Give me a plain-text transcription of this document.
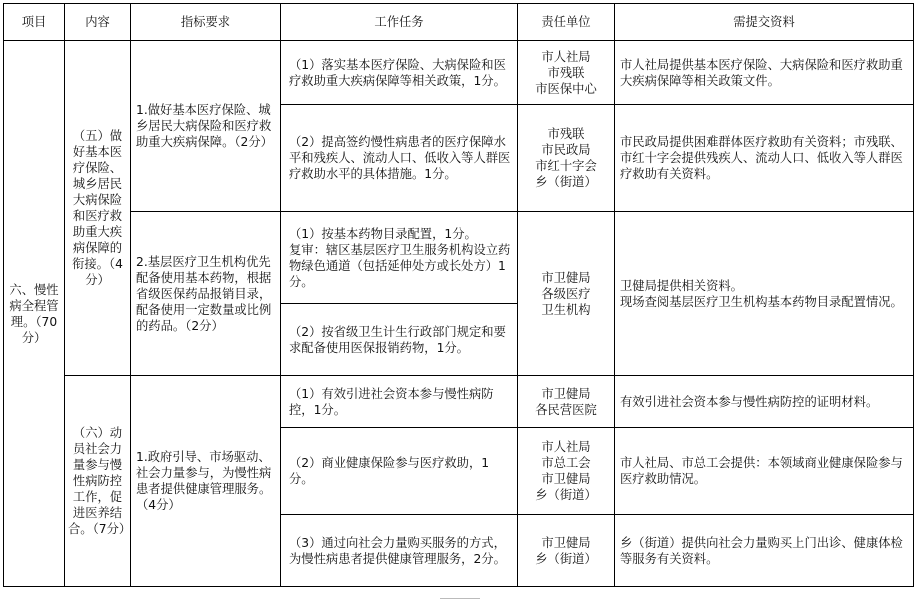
项目	内容	指标要求	工作任务	责任单位	需提交资料
六、慢性病全程管理。（70分）	（五）做好基本医疗保险、城乡居民大病保险和医疗救助重大疾病保障的衔接。（4分）	1.做好基本医疗保险、城乡居民大病保险和医疗救助重大疾病保障。（2分）	（1）落实基本医疗保险、大病保险和医疗救助重大疾病保障等相关政策，1分。	市人社局
市残联
市医保中心	市人社局提供基本医疗保险、大病保险和医疗救助重大疾病保障等相关政策文件。
			（2）提高签约慢性病患者的医疗保障水平和残疾人、流动人口、低收入等人群医疗救助水平的具体措施。1分。	市残联
市民政局
市红十字会
乡（街道）	市民政局提供困难群体医疗救助有关资料；市残联、市红十字会提供残疾人、流动人口、低收入等人群医疗救助有关资料。
		2.基层医疗卫生机构优先配备使用基本药物，根据省级医保药品报销目录，配备使用一定数量或比例的药品。（2分）	（1）按基本药物目录配置，1分。
复审：辖区基层医疗卫生服务机构设立药物绿色通道（包括延伸处方或长处方）1分。	市卫健局
各级医疗
卫生机构	卫健局提供相关资料。
现场查阅基层医疗卫生机构基本药物目录配置情况。
			（2）按省级卫生计生行政部门规定和要求配备使用医保报销药物，1分。		
	（六）动员社会力量参与慢性病防控工作，促进医养结合。（7分）	1.政府引导、市场驱动、社会力量参与，为慢性病患者提供健康管理服务。（4分）	（1）有效引进社会资本参与慢性病防控，1分。	市卫健局
各民营医院	有效引进社会资本参与慢性病防控的证明材料。
			（2）商业健康保险参与医疗救助，1分。	市人社局
市总工会
市卫健局
乡（街道）	市人社局、市总工会提供：本领域商业健康保险参与医疗救助情况。
			（3）通过向社会力量购买服务的方式，为慢性病患者提供健康管理服务，2分。	市卫健局
乡（街道）	乡（街道）提供向社会力量购买上门出诊、健康体检等服务有关资料。
